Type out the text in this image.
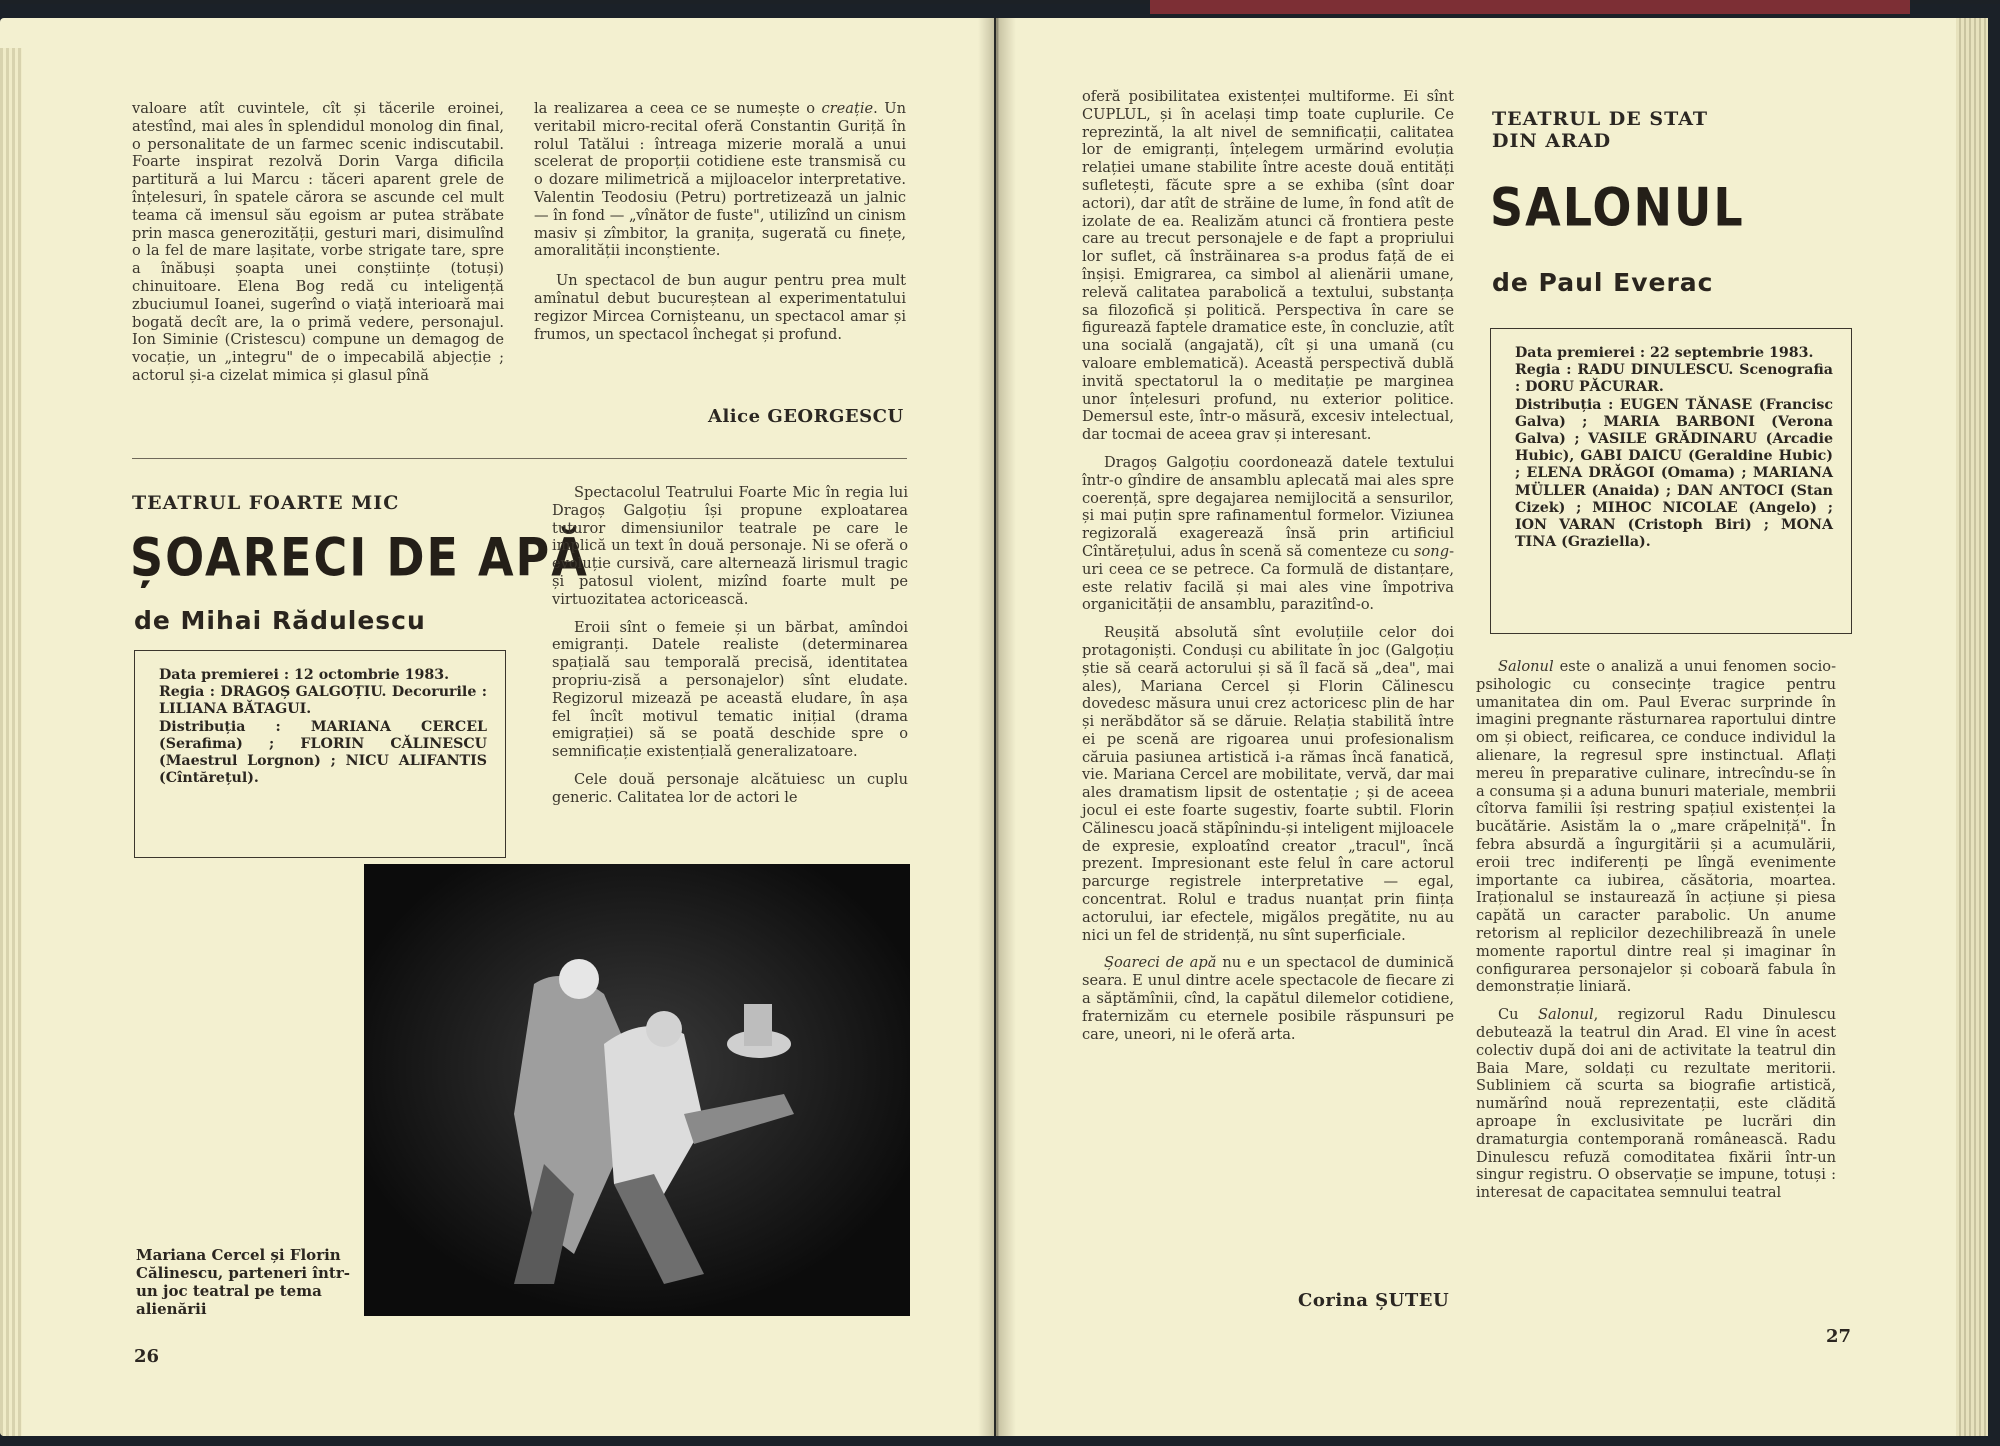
valoare atît cuvintele, cît și tăcerile eroinei, atestînd, mai ales în splendidul monolog din final, o personalitate de un farmec scenic indiscutabil. Foarte inspirat rezolvă Dorin Varga dificila partitură a lui Marcu : tăceri aparent grele de înțelesuri, în spatele cărora se ascunde cel mult teama că imensul său egoism ar putea străbate prin masca generozității, gesturi mari, disimulînd o la fel de mare lașitate, vorbe strigate tare, spre a înăbuși șoapta unei conștiințe (totuși) chinuitoare. Elena Bog redă cu inteligență zbuciumul Ioanei, sugerînd o viață interioară mai bogată decît are, la o primă vedere, personajul. Ion Siminie (Cristescu) compune un demagog de vocație, un „integru" de o impecabilă abjecție ; actorul și-a cizelat mimica și glasul pînă

la realizarea a ceea ce se numește o creație. Un veritabil micro-recital oferă Constantin Guriță în rolul Tatălui : întreaga mizerie morală a unui scelerat de proporții cotidiene este transmisă cu o dozare milimetrică a mijloacelor interpretative. Valentin Teodosiu (Petru) portretizează un jalnic — în fond — „vînător de fuste", utilizînd un cinism masiv și zîmbitor, la granița, sugerată cu finețe, amoralității inconștiente.

Un spectacol de bun augur pentru prea mult amînatul debut bucureștean al experimentatului regizor Mircea Cornișteanu, un spectacol amar și frumos, un spectacol închegat și profund.

Alice GEORGESCU
TEATRUL FOARTE MIC
ȘOARECI DE APĂ
de Mihai Rădulescu
Data premierei : 12 octombrie 1983.
Regia : DRAGOȘ GALGOȚIU. Decorurile : LILIANA BĂTAGUI.
Distribuția : MARIANA CERCEL (Serafima) ; FLORIN CĂLINESCU (Maestrul Lorgnon) ; NICU ALIFANTIS (Cîntărețul).

Spectacolul Teatrului Foarte Mic în regia lui Dragoș Galgoțiu își propune exploatarea tuturor dimensiunilor teatrale pe care le implică un text în două personaje. Ni se oferă o evoluție cursivă, care alternează lirismul tragic și patosul violent, mizînd foarte mult pe virtuozitatea actoricească.

Eroii sînt o femeie și un bărbat, amîndoi emigranți. Datele realiste (determinarea spațială sau temporală precisă, identitatea propriu-zisă a personajelor) sînt eludate. Regizorul mizează pe această eludare, în așa fel încît motivul tematic inițial (drama emigrației) să se poată deschide spre o semnificație existențială generalizatoare.

Cele două personaje alcătuiesc un cuplu generic. Calitatea lor de actori le

Mariana Cercel și Florin Călinescu, parteneri într-un joc teatral pe tema alienării
26

oferă posibilitatea existenței multiforme. Ei sînt CUPLUL, și în același timp toate cuplurile. Ce reprezintă, la alt nivel de semnificații, calitatea lor de emigranți, înțelegem urmărind evoluția relației umane stabilite între aceste două entități sufletești, făcute spre a se exhiba (sînt doar actori), dar atît de străine de lume, în fond atît de izolate de ea. Realizăm atunci că frontiera peste care au trecut personajele e de fapt a propriului lor suflet, că înstrăinarea s-a produs față de ei înșiși. Emigrarea, ca simbol al alienării umane, relevă calitatea parabolică a textului, substanța sa filozofică și politică. Perspectiva în care se figurează faptele dramatice este, în concluzie, atît una socială (angajată), cît și una umană (cu valoare emblematică). Această perspectivă dublă invită spectatorul la o meditație pe marginea unor înțelesuri profund, nu exterior politice. Demersul este, într-o măsură, excesiv intelectual, dar tocmai de aceea grav și interesant.

Dragoș Galgoțiu coordonează datele textului într-o gîndire de ansamblu aplecată mai ales spre coerență, spre degajarea nemijlocită a sensurilor, și mai puțin spre rafinamentul formelor. Viziunea regizorală exagerează însă prin artificiul Cîntărețului, adus în scenă să comenteze cu song-uri ceea ce se petrece. Ca formulă de distanțare, este relativ facilă și mai ales vine împotriva organicității de ansamblu, parazitînd-o.

Reușită absolută sînt evoluțiile celor doi protagoniști. Conduși cu abilitate în joc (Galgoțiu știe să ceară actorului și să îl facă să „dea", mai ales), Mariana Cercel și Florin Călinescu dovedesc măsura unui crez actoricesc plin de har și nerăbdător să se dăruie. Relația stabilită între ei pe scenă are rigoarea unui profesionalism căruia pasiunea artistică i-a rămas încă fanatică, vie. Mariana Cercel are mobilitate, vervă, dar mai ales dramatism lipsit de ostentație ; și de aceea jocul ei este foarte sugestiv, foarte subtil. Florin Călinescu joacă stăpînindu-și inteligent mijloacele de expresie, exploatînd creator „tracul", încă prezent. Impresionant este felul în care actorul parcurge registrele interpretative — egal, concentrat. Rolul e tradus nuanțat prin ființa actorului, iar efectele, migălos pregătite, nu au nici un fel de stridență, nu sînt superficiale.

Șoareci de apă nu e un spectacol de duminică seara. E unul dintre acele spectacole de fiecare zi a săptămînii, cînd, la capătul dilemelor cotidiene, fraternizăm cu eternele posibile răspunsuri pe care, uneori, ni le oferă arta.

Corina ȘUTEU
TEATRUL DE STAT DIN ARAD
SALONUL
de Paul Everac
Data premierei : 22 septembrie 1983.
Regia : RADU DINULESCU. Scenografia : DORU PĂCURAR.
Distribuția : EUGEN TĂNASE (Francisc Galva) ; MARIA BARBONI (Verona Galva) ; VASILE GRĂDINARU (Arcadie Hubic), GABI DAICU (Geraldine Hubic) ; ELENA DRĂGOI (Omama) ; MARIANA MÜLLER (Anaida) ; DAN ANTOCI (Stan Cizek) ; MIHOC NICOLAE (Angelo) ; ION VARAN (Cristoph Biri) ; MONA TINA (Graziella).

Salonul este o analiză a unui fenomen socio-psihologic cu consecințe tragice pentru umanitatea din om. Paul Everac surprinde în imagini pregnante răsturnarea raportului dintre om și obiect, reificarea, ce conduce individul la alienare, la regresul spre instinctual. Aflați mereu în preparative culinare, intrecîndu-se în a consuma și a aduna bunuri materiale, membrii cîtorva familii își restring spațiul existenței la bucătărie. Asistăm la o „mare crăpelniță". În febra absurdă a îngurgitării și a acumulării, eroii trec indiferenți pe lîngă evenimente importante ca iubirea, căsătoria, moartea. Iraționalul se instaurează în acțiune și piesa capătă un caracter parabolic. Un anume retorism al replicilor dezechilibrează în unele momente raportul dintre real și imaginar în configurarea personajelor și coboară fabula în demonstrație liniară.

Cu Salonul, regizorul Radu Dinulescu debutează la teatrul din Arad. El vine în acest colectiv după doi ani de activitate la teatrul din Baia Mare, soldați cu rezultate meritorii. Subliniem că scurta sa biografie artistică, numărînd nouă reprezentații, este clădită aproape în exclusivitate pe lucrări din dramaturgia contemporană românească. Radu Dinulescu refuză comoditatea fixării într-un singur registru. O observație se impune, totuși : interesat de capacitatea semnului teatral

27
